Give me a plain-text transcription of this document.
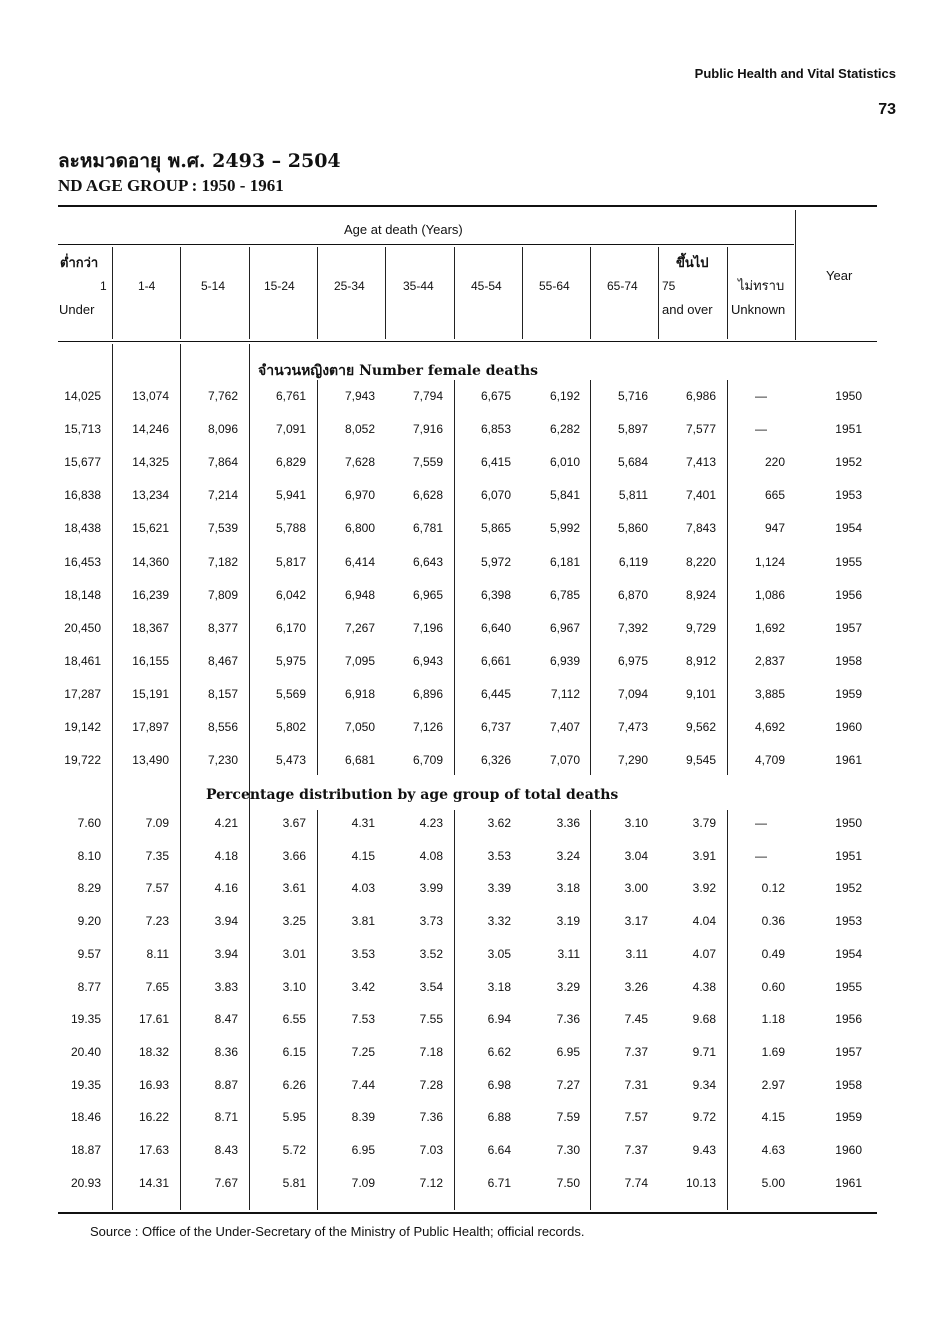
Public Health and Vital Statistics
73
ละหมวดอายุ พ.ศ. 2493 – 2504
ND AGE GROUP : 1950 - 1961
Age at death (Years)
ต่ำกว่า
1
Under
1-4	5-14	15-24	25-34	35-44	45-54	55-64	65-74
ขึ้นไป
75
and over
ไม่ทราบ
Unknown
Year
จำนวนหญิงตาย Number female deaths
Percentage distribution by age group of total deaths
14,025	13,074	7,762	6,761	7,943	7,794	6,675	6,192	5,716	6,986	—	1950
15,713	14,246	8,096	7,091	8,052	7,916	6,853	6,282	5,897	7,577	—	1951
15,677	14,325	7,864	6,829	7,628	7,559	6,415	6,010	5,684	7,413	220	1952
16,838	13,234	7,214	5,941	6,970	6,628	6,070	5,841	5,811	7,401	665	1953
18,438	15,621	7,539	5,788	6,800	6,781	5,865	5,992	5,860	7,843	947	1954
16,453	14,360	7,182	5,817	6,414	6,643	5,972	6,181	6,119	8,220	1,124	1955
18,148	16,239	7,809	6,042	6,948	6,965	6,398	6,785	6,870	8,924	1,086	1956
20,450	18,367	8,377	6,170	7,267	7,196	6,640	6,967	7,392	9,729	1,692	1957
18,461	16,155	8,467	5,975	7,095	6,943	6,661	6,939	6,975	8,912	2,837	1958
17,287	15,191	8,157	5,569	6,918	6,896	6,445	7,112	7,094	9,101	3,885	1959
19,142	17,897	8,556	5,802	7,050	7,126	6,737	7,407	7,473	9,562	4,692	1960
19,722	13,490	7,230	5,473	6,681	6,709	6,326	7,070	7,290	9,545	4,709	1961
7.60	7.09	4.21	3.67	4.31	4.23	3.62	3.36	3.10	3.79	—	1950
8.10	7.35	4.18	3.66	4.15	4.08	3.53	3.24	3.04	3.91	—	1951
8.29	7.57	4.16	3.61	4.03	3.99	3.39	3.18	3.00	3.92	0.12	1952
9.20	7.23	3.94	3.25	3.81	3.73	3.32	3.19	3.17	4.04	0.36	1953
9.57	8.11	3.94	3.01	3.53	3.52	3.05	3.11	3.11	4.07	0.49	1954
8.77	7.65	3.83	3.10	3.42	3.54	3.18	3.29	3.26	4.38	0.60	1955
19.35	17.61	8.47	6.55	7.53	7.55	6.94	7.36	7.45	9.68	1.18	1956
20.40	18.32	8.36	6.15	7.25	7.18	6.62	6.95	7.37	9.71	1.69	1957
19.35	16.93	8.87	6.26	7.44	7.28	6.98	7.27	7.31	9.34	2.97	1958
18.46	16.22	8.71	5.95	8.39	7.36	6.88	7.59	7.57	9.72	4.15	1959
18.87	17.63	8.43	5.72	6.95	7.03	6.64	7.30	7.37	9.43	4.63	1960
20.93	14.31	7.67	5.81	7.09	7.12	6.71	7.50	7.74	10.13	5.00	1961
Source : Office of the Under-Secretary of the Ministry of Public Health; official records.
